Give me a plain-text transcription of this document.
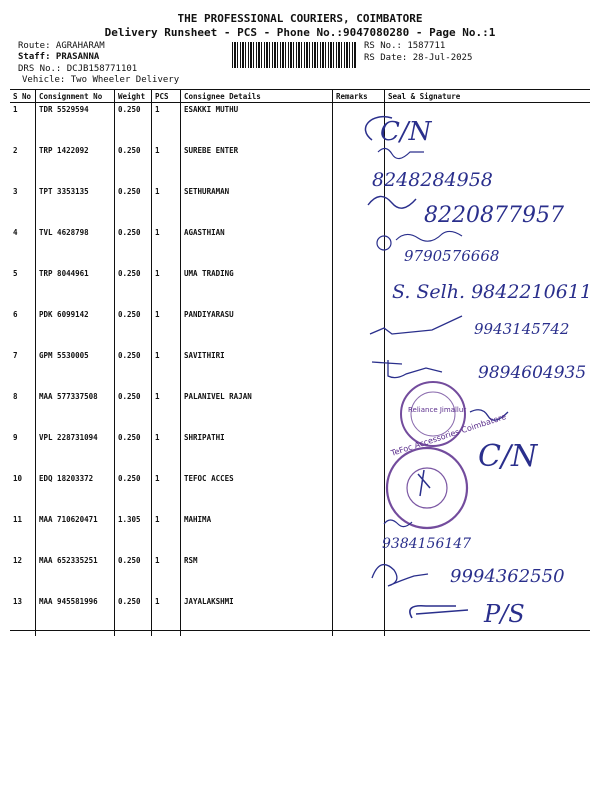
THE PROFESSIONAL COURIERS, COIMBATORE
Delivery Runsheet - PCS - Phone No.:9047080280 - Page No.:1
Route: AGRAHARAM
Staff: PRASANNA
DRS No.: DCJB158771101
Vehicle: Two Wheeler Delivery
RS No.: 1587711
RS Date: 28-Jul-2025
S No	Consignment No	Weight	PCS	Consignee Details	Remarks	Seal & Signature
1	TDR 5529594	0.250	1	ESAKKI MUTHU		
2	TRP 1422092	0.250	1	SUREBE ENTER		
3	TPT 3353135	0.250	1	SETHURAMAN		
4	TVL 4628798	0.250	1	AGASTHIAN		
5	TRP 8044961	0.250	1	UMA TRADING		
6	PDK 6099142	0.250	1	PANDIYARASU		
7	GPM 5530005	0.250	1	SAVITHIRI		
8	MAA 577337508	0.250	1	PALANIVEL RAJAN		
9	VPL 228731094	0.250	1	SHRIPATHI		
10	EDQ 18203372	0.250	1	TEFOC ACCES		
11	MAA 710620471	1.305	1	MAHIMA		
12	MAA 652335251	0.250	1	RSM		
13	MAA 945581996	0.250	1	JAYALAKSHMI		
C/N
8248284958
8220877957
9790576668
S. Selh. 9842210611
9943145742
9894604935
Reliance Jimallur
C/N
TeFoc Accessories Coimbatore
9384156147
9994362550
P/S
